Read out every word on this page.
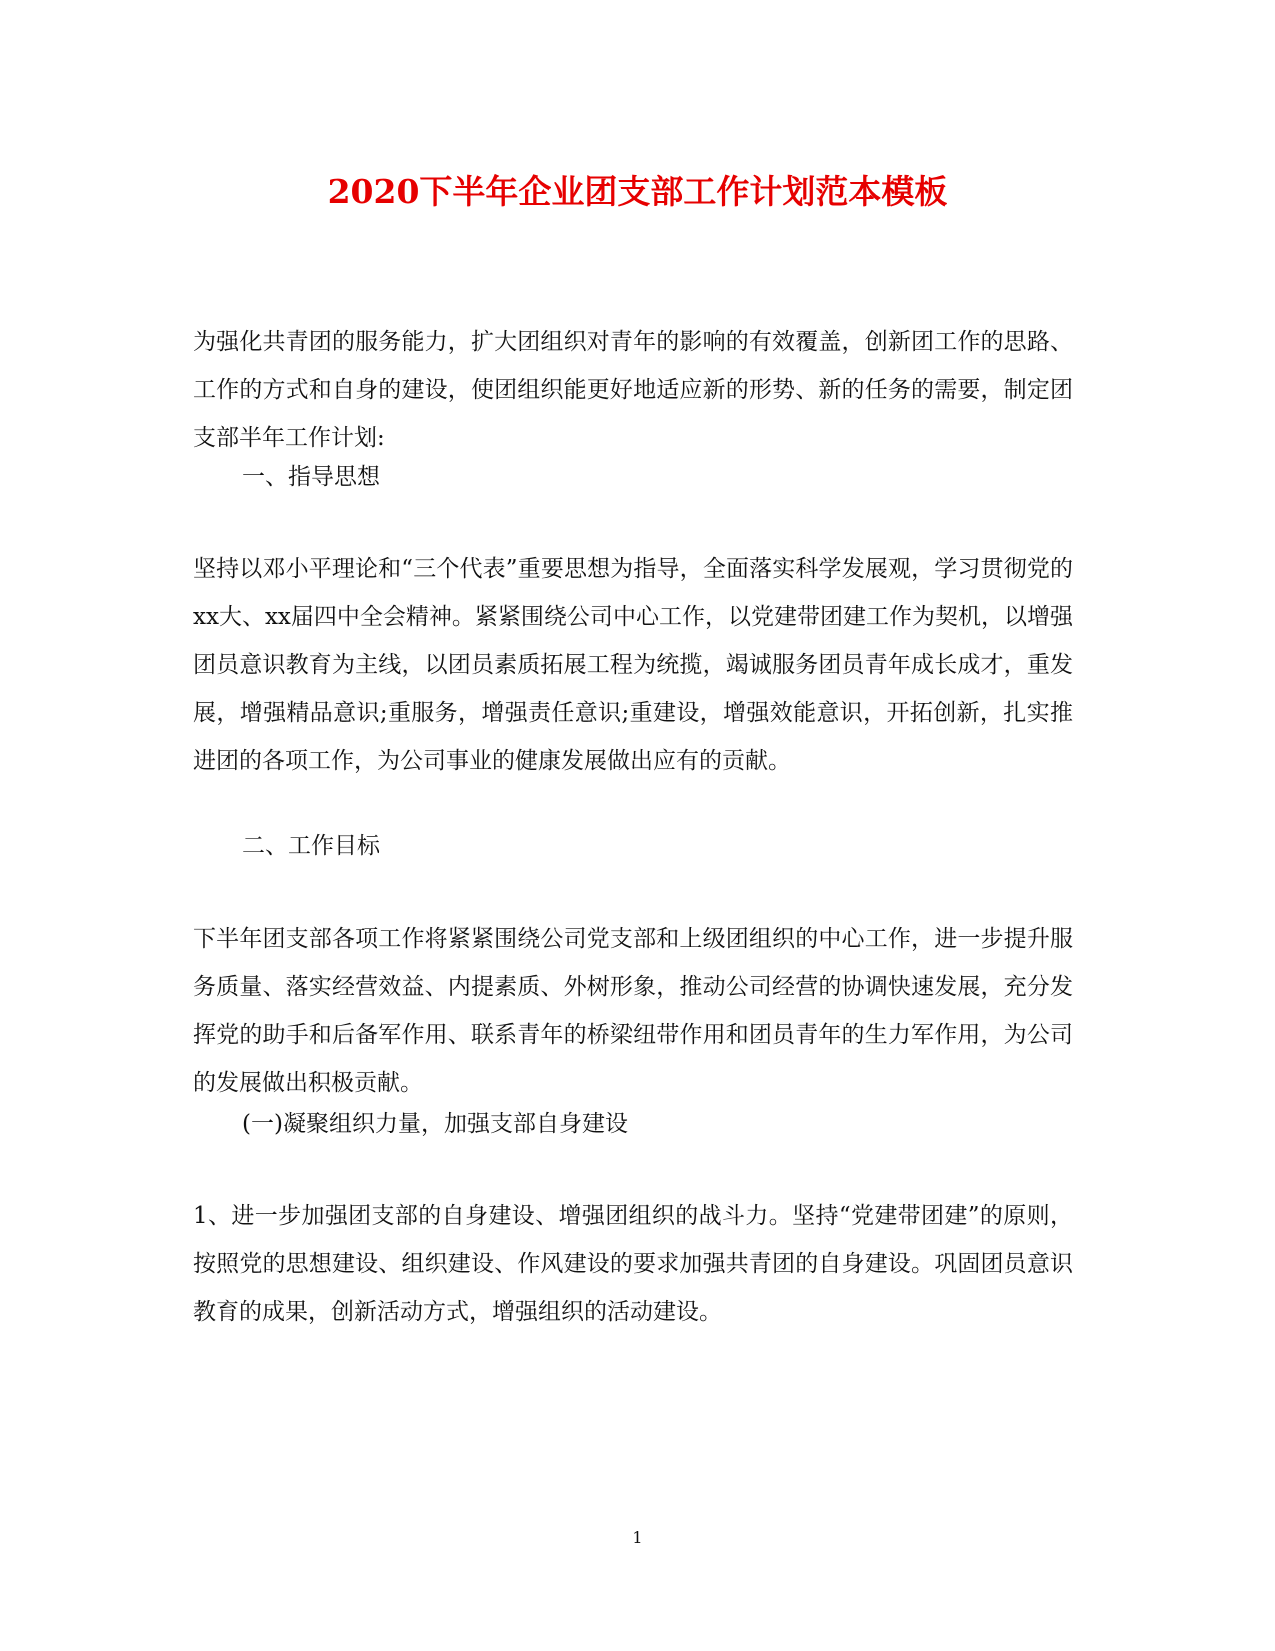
2020下半年企业团支部工作计划范本模板

为强化共青团的服务能力，扩大团组织对青年的影响的有效覆盖，创新团工作的思路、工作的方式和自身的建设，使团组织能更好地适应新的形势、新的任务的需要，制定团支部半年工作计划:

一、指导思想

坚持以邓小平理论和“三个代表”重要思想为指导，全面落实科学发展观，学习贯彻党的xx大、xx届四中全会精神。紧紧围绕公司中心工作，以党建带团建工作为契机，以增强团员意识教育为主线，以团员素质拓展工程为统揽，竭诚服务团员青年成长成才，重发展，增强精品意识;重服务，增强责任意识;重建设，增强效能意识，开拓创新，扎实推进团的各项工作，为公司事业的健康发展做出应有的贡献。

二、工作目标

下半年团支部各项工作将紧紧围绕公司党支部和上级团组织的中心工作，进一步提升服务质量、落实经营效益、内提素质、外树形象，推动公司经营的协调快速发展，充分发挥党的助手和后备军作用、联系青年的桥梁纽带作用和团员青年的生力军作用，为公司的发展做出积极贡献。

(一)凝聚组织力量，加强支部自身建设

1、进一步加强团支部的自身建设、增强团组织的战斗力。坚持“党建带团建”的原则，按照党的思想建设、组织建设、作风建设的要求加强共青团的自身建设。巩固团员意识教育的成果，创新活动方式，增强组织的活动建设。

1
